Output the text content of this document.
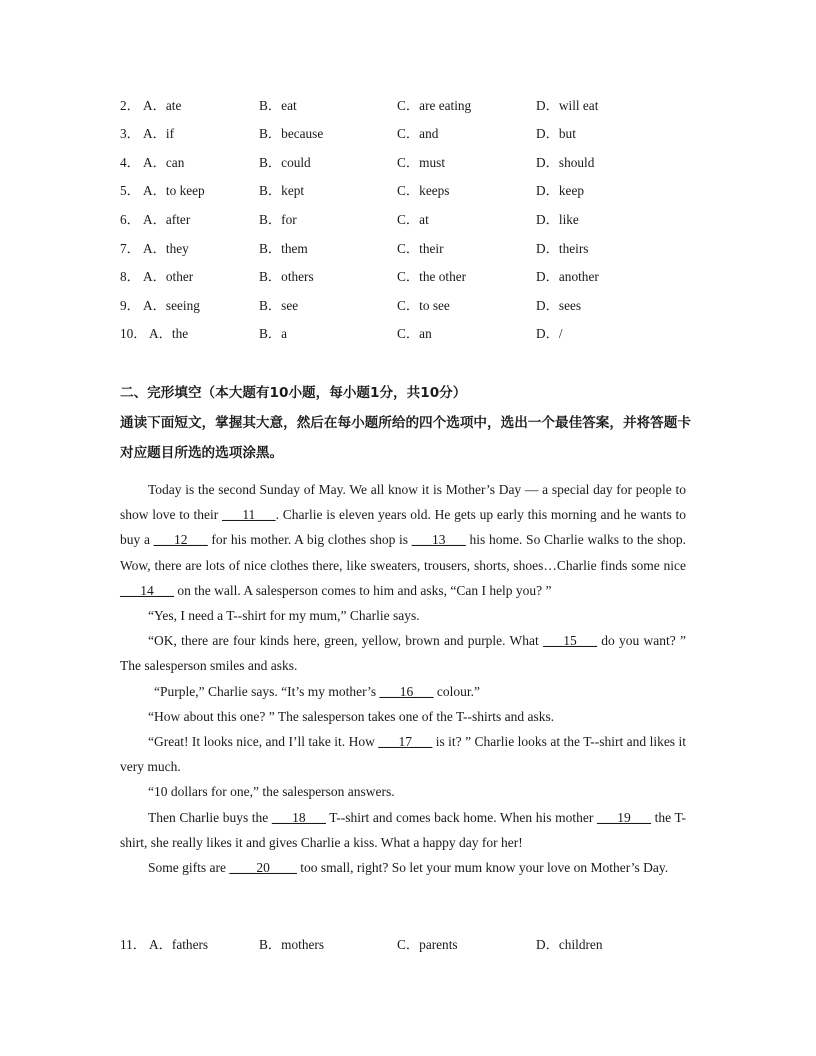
2． A．ate	B．eat	C．are eating	D．will eat
3． A．if	B．because	C．and	D．but
4． A．can	B．could	C．must	D．should
5． A．to keep	B．kept	C．keeps	D．keep
6． A．after	B．for	C．at	D．like
7． A．they	B．them	C．their	D．theirs
8． A．other	B．others	C．the other	D．another
9． A．seeing	B．see	C．to see	D．sees
10． A．the	B．a	C．an	D．/
二、完形填空（本大题有10小题，每小题1分，共10分）
通读下面短文，掌握其大意，然后在每小题所给的四个选项中，选出一个最佳答案，并将答题卡对应题目所选的选项涂黑。

Today is the second Sunday of May. We all know it is Mother’s Day — a special day for people to show love to their ___11___. Charlie is eleven years old. He gets up early this morning and he wants to buy a ___12___ for his mother. A big clothes shop is ___13___ his home. So Charlie walks to the shop. Wow, there are lots of nice clothes there, like sweaters, trousers, shorts, shoes…Charlie finds some nice ___14___ on the wall. A salesperson comes to him and asks, “Can I help you? ”

“Yes, I need a T--shirt for my mum,” Charlie says.

“OK, there are four kinds here, green, yellow, brown and purple. What ___15___ do you want? ” The salesperson smiles and asks.

“Purple,” Charlie says. “It’s my mother’s ___16___ colour.”

“How about this one? ” The salesperson takes one of the T--shirts and asks.

“Great! It looks nice, and I’ll take it. How ___17___ is it? ” Charlie looks at the T--shirt and likes it very much.

“10 dollars for one,” the salesperson answers.

Then Charlie buys the ___18___ T--shirt and comes back home. When his mother ___19___ the T-shirt, she really likes it and gives Charlie a kiss. What a happy day for her!

Some gifts are ____20____ too small, right? So let your mum know your love on Mother’s Day.

11． A．fathers	B．mothers	C．parents	D．children
